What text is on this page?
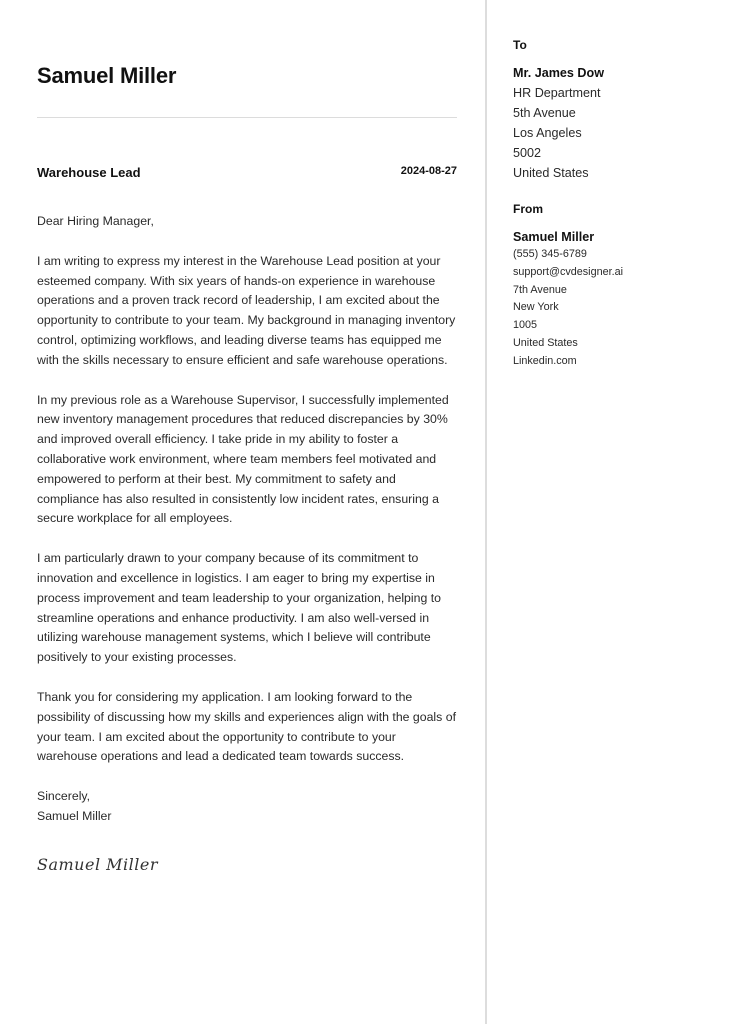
Samuel Miller
Warehouse Lead	2024-08-27

Dear Hiring Manager,

I am writing to express my interest in the Warehouse Lead position at your esteemed company. With six years of hands-on experience in warehouse operations and a proven track record of leadership, I am excited about the opportunity to contribute to your team. My background in managing inventory control, optimizing workflows, and leading diverse teams has equipped me with the skills necessary to ensure efficient and safe warehouse operations.

In my previous role as a Warehouse Supervisor, I successfully implemented new inventory management procedures that reduced discrepancies by 30% and improved overall efficiency. I take pride in my ability to foster a collaborative work environment, where team members feel motivated and empowered to perform at their best. My commitment to safety and compliance has also resulted in consistently low incident rates, ensuring a secure workplace for all employees.

I am particularly drawn to your company because of its commitment to innovation and excellence in logistics. I am eager to bring my expertise in process improvement and team leadership to your organization, helping to streamline operations and enhance productivity. I am also well-versed in utilizing warehouse management systems, which I believe will contribute positively to your existing processes.

Thank you for considering my application. I am looking forward to the possibility of discussing how my skills and experiences align with the goals of your team. I am excited about the opportunity to contribute to your warehouse operations and lead a dedicated team towards success.

Sincerely,
Samuel Miller
Samuel Miller
To
Mr. James Dow
HR Department
5th Avenue
Los Angeles
5002
United States
From
Samuel Miller
(555) 345-6789
support@cvdesigner.ai
7th Avenue
New York
1005
United States
Linkedin.com
